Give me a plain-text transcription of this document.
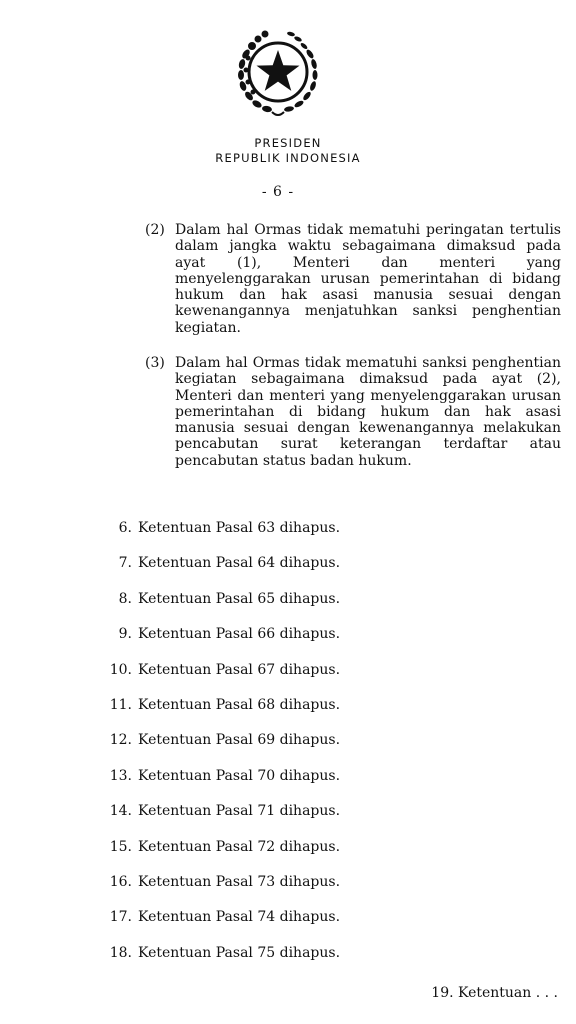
PRESIDEN
REPUBLIK INDONESIA
- 6 -
(2) Dalam hal Ormas tidak mematuhi peringatan tertulis dalam jangka waktu sebagaimana dimaksud pada ayat (1), Menteri dan menteri yang menyelenggarakan urusan pemerintahan di bidang hukum dan hak asasi manusia sesuai dengan kewenangannya menjatuhkan sanksi penghentian kegiatan.
(3) Dalam hal Ormas tidak mematuhi sanksi penghentian kegiatan sebagaimana dimaksud pada ayat (2), Menteri dan menteri yang menyelenggarakan urusan pemerintahan di bidang hukum dan hak asasi manusia sesuai dengan kewenangannya melakukan pencabutan surat keterangan terdaftar atau pencabutan status badan hukum.
6. Ketentuan Pasal 63 dihapus.
7. Ketentuan Pasal 64 dihapus.
8. Ketentuan Pasal 65 dihapus.
9. Ketentuan Pasal 66 dihapus.
10. Ketentuan Pasal 67 dihapus.
11. Ketentuan Pasal 68 dihapus.
12. Ketentuan Pasal 69 dihapus.
13. Ketentuan Pasal 70 dihapus.
14. Ketentuan Pasal 71 dihapus.
15. Ketentuan Pasal 72 dihapus.
16. Ketentuan Pasal 73 dihapus.
17. Ketentuan Pasal 74 dihapus.
18. Ketentuan Pasal 75 dihapus.
19. Ketentuan . . .
